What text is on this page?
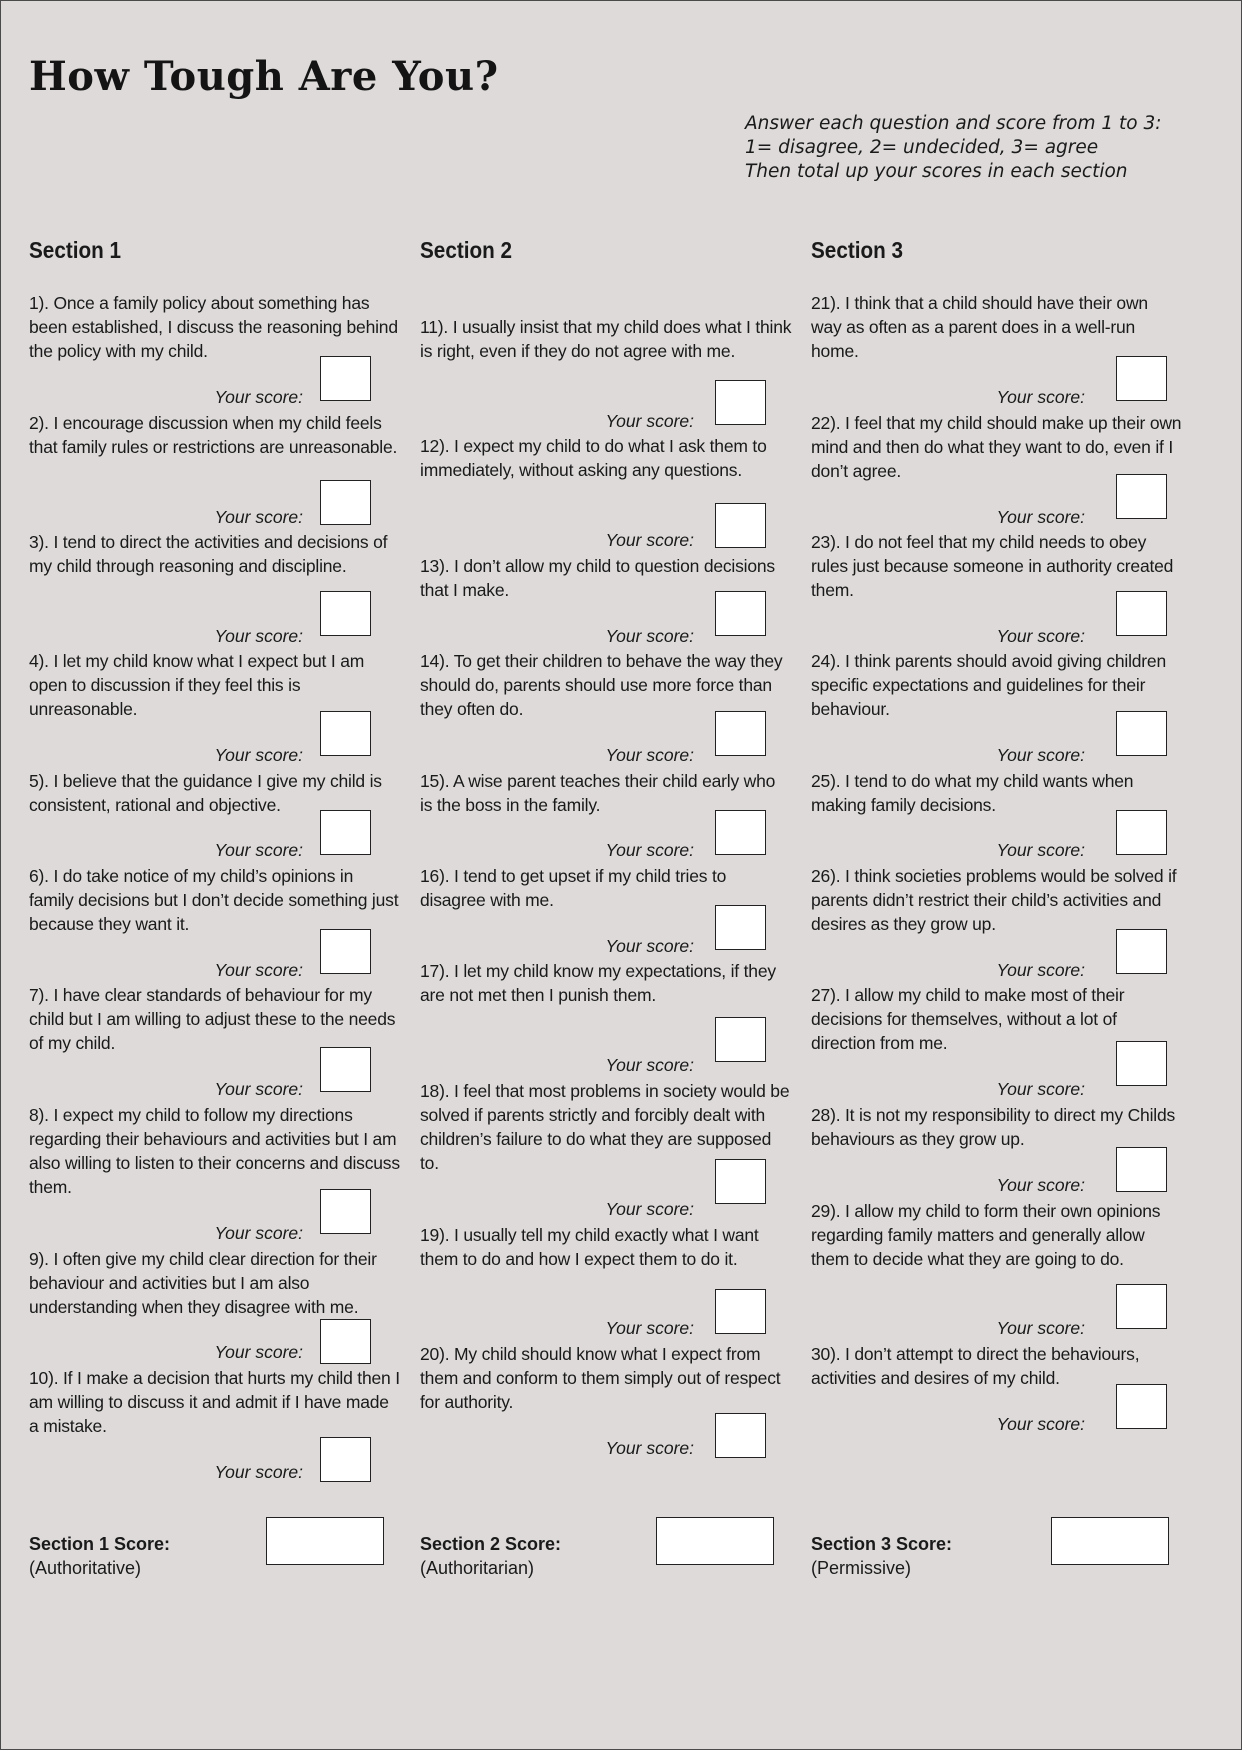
How Tough Are You?
Answer each question and score from 1 to 3:
1= disagree, 2= undecided, 3= agree
Then total up your scores in each section
Section 1
1). Once a family policy about something has been established, I discuss the reasoning behind the policy with my child.
Your score:
2). I encourage discussion when my child feels that family rules or restrictions are unreasonable.
Your score:
3). I tend to direct the activities and decisions of my child through reasoning and discipline.
Your score:
4). I let my child know what I expect but I am open to discussion if they feel this is unreasonable.
Your score:
5). I believe that the guidance I give my child is consistent, rational and objective.
Your score:
6). I do take notice of my child’s opinions in family decisions but I don’t decide something just because they want it.
Your score:
7). I have clear standards of behaviour for my child but I am willing to adjust these to the needs of my child.
Your score:
8). I expect my child to follow my directions regarding their behaviours and activities but I am also willing to listen to their concerns and discuss them.
Your score:
9). I often give my child clear direction for their behaviour and activities but I am also understanding when they disagree with me.
Your score:
10). If I make a decision that hurts my child then I am willing to discuss it and admit if I have made a mistake.
Your score:
Section 1 Score:
(Authoritative)
Section 2
11). I usually insist that my child does what I think is right, even if they do not agree with me.
Your score:
12). I expect my child to do what I ask them to immediately, without asking any questions.
Your score:
13). I don’t allow my child to question decisions that I make.
Your score:
14). To get their children to behave the way they should do, parents should use more force than they often do.
Your score:
15). A wise parent teaches their child early who is the boss in the family.
Your score:
16). I tend to get upset if my child tries to disagree with me.
Your score:
17). I let my child know my expectations, if they are not met then I punish them.
Your score:
18). I feel that most problems in society would be solved if parents strictly and forcibly dealt with children’s failure to do what they are supposed to.
Your score:
19). I usually tell my child exactly what I want them to do and how I expect them to do it.
Your score:
20). My child should know what I expect from them and conform to them simply out of respect for authority.
Your score:
Section 2 Score:
(Authoritarian)
Section 3
21). I think that a child should have their own way as often as a parent does in a well-run home.
Your score:
22). I feel that my child should make up their own mind and then do what they want to do, even if I don’t agree.
Your score:
23). I do not feel that my child needs to obey rules just because someone in authority created them.
Your score:
24). I think parents should avoid giving children specific expectations and guidelines for their behaviour.
Your score:
25). I tend to do what my child wants when making family decisions.
Your score:
26). I think societies problems would be solved if parents didn’t restrict their child’s activities and desires as they grow up.
Your score:
27). I allow my child to make most of their decisions for themselves, without a lot of direction from me.
Your score:
28). It is not my responsibility to direct my Childs behaviours as they grow up.
Your score:
29). I allow my child to form their own opinions regarding family matters and generally allow them to decide what they are going to do.
Your score:
30). I don’t attempt to direct the behaviours, activities and desires of my child.
Your score:
Section 3 Score:
(Permissive)
